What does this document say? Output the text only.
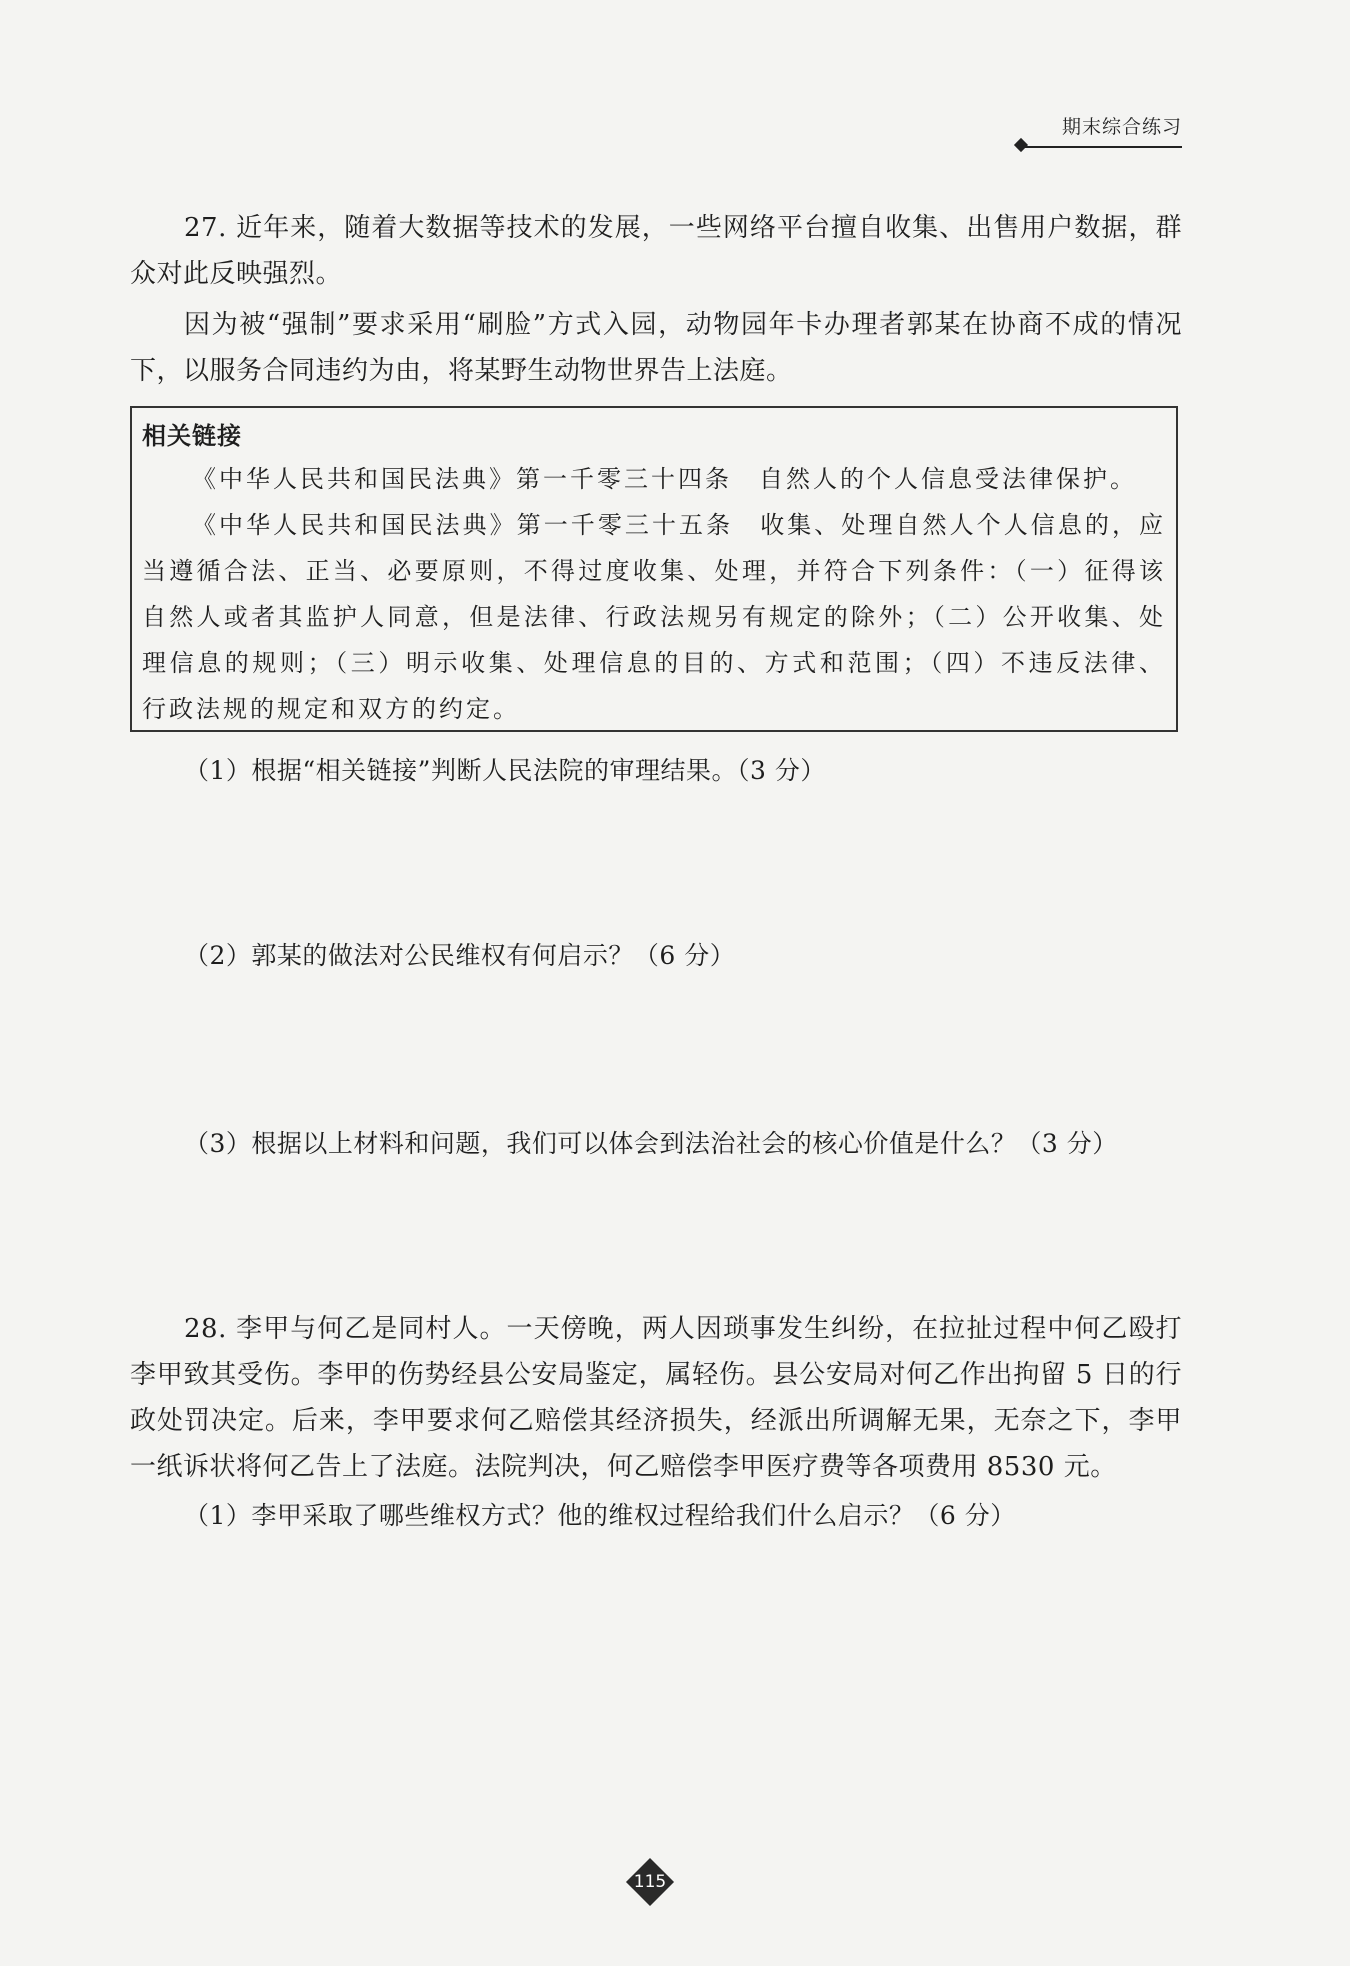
期末综合练习

27. 近年来，随着大数据等技术的发展，一些网络平台擅自收集、出售用户数据，群众对此反映强烈。

因为被“强制”要求采用“刷脸”方式入园，动物园年卡办理者郭某在协商不成的情况下，以服务合同违约为由，将某野生动物世界告上法庭。

相关链接
《中华人民共和国民法典》第一千零三十四条　自然人的个人信息受法律保护。
《中华人民共和国民法典》第一千零三十五条　收集、处理自然人个人信息的，应当遵循合法、正当、必要原则，不得过度收集、处理，并符合下列条件：（一）征得该自然人或者其监护人同意，但是法律、行政法规另有规定的除外；（二）公开收集、处理信息的规则；（三）明示收集、处理信息的目的、方式和范围；（四）不违反法律、行政法规的规定和双方的约定。
（1）根据“相关链接”判断人民法院的审理结果。（3 分）
（2）郭某的做法对公民维权有何启示？（6 分）
（3）根据以上材料和问题，我们可以体会到法治社会的核心价值是什么？（3 分）

28. 李甲与何乙是同村人。一天傍晚，两人因琐事发生纠纷，在拉扯过程中何乙殴打李甲致其受伤。李甲的伤势经县公安局鉴定，属轻伤。县公安局对何乙作出拘留 5 日的行政处罚决定。后来，李甲要求何乙赔偿其经济损失，经派出所调解无果，无奈之下，李甲一纸诉状将何乙告上了法庭。法院判决，何乙赔偿李甲医疗费等各项费用 8530 元。

（1）李甲采取了哪些维权方式？他的维权过程给我们什么启示？（6 分）
115
